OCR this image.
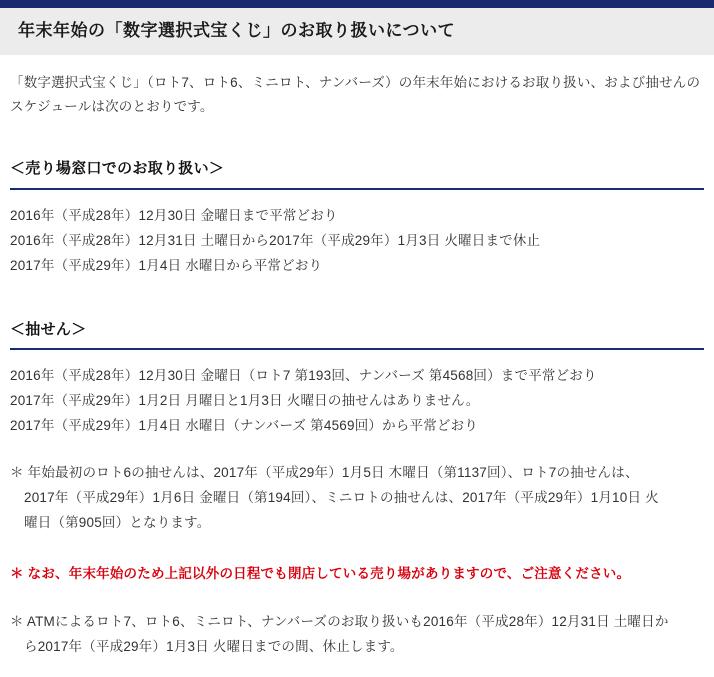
年末年始の「数字選択式宝くじ」のお取り扱いについて

「数字選択式宝くじ」（ロト7、ロト6、ミニロト、ナンバーズ）の年末年始におけるお取り扱い、および抽せんのスケジュールは次のとおりです。

＜売り場窓口でのお取り扱い＞
2016年（平成28年）12月30日 金曜日まで平常どおり
2016年（平成28年）12月31日 土曜日から2017年（平成29年）1月3日 火曜日まで休止
2017年（平成29年）1月4日 水曜日から平常どおり
＜抽せん＞
2016年（平成28年）12月30日 金曜日（ロト7 第193回、ナンバーズ 第4568回）まで平常どおり
2017年（平成29年）1月2日 月曜日と1月3日 火曜日の抽せんはありません。
2017年（平成29年）1月4日 水曜日（ナンバーズ 第4569回）から平常どおり
＊ 年始最初のロト6の抽せんは、2017年（平成29年）1月5日 木曜日（第1137回）、ロト7の抽せんは、
2017年（平成29年）1月6日 金曜日（第194回）、ミニロトの抽せんは、2017年（平成29年）1月10日 火
曜日（第905回）となります。
＊ なお、年末年始のため上記以外の日程でも閉店している売り場がありますので、ご注意ください。
＊ ATMによるロト7、ロト6、ミニロト、ナンバーズのお取り扱いも2016年（平成28年）12月31日 土曜日か
ら2017年（平成29年）1月3日 火曜日までの間、休止します。
